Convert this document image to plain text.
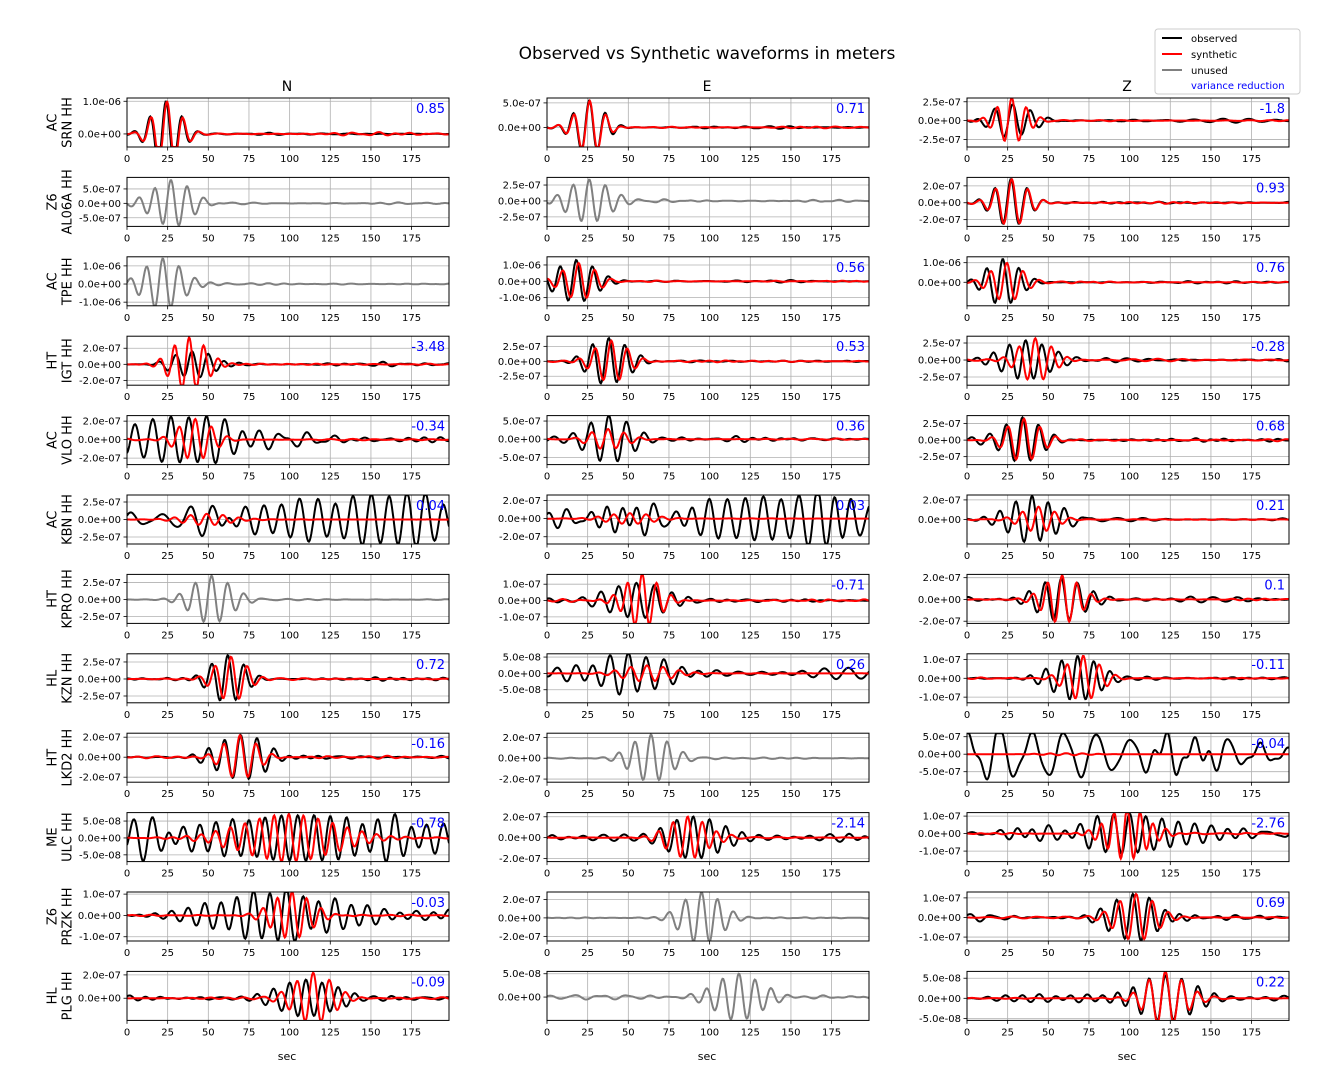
Observed vs Synthetic waveforms in meters
N	E	Z
ACSRN HH
0	25	50	75 100 125 150 175
1.0e-06
0.0e+00
0.85
0	25	50	75 100 125 150 175
5.0e-07
0.0e+00
0.71
0	25	50	75 100 125 150 175
2.5e-07
0.0e+00
-2.5e-07
-1.8
Z6AL06A HH
0	25	50	75 100 125 150 175
5.0e-07
0.0e+00
-5.0e-07
0	25	50	75 100 125 150 175
2.5e-07
0.0e+00
-2.5e-07
0	25	50	75 100 125 150 175
2.0e-07
0.0e+00
-2.0e-07
0.93
ACTPE HH
0	25	50	75 100 125 150 175
1.0e-06
0.0e+00
-1.0e-06
0	25	50	75 100 125 150 175
1.0e-06
0.0e+00
-1.0e-06
0.56
0	25	50	75 100 125 150 175
1.0e-06
0.0e+00
0.76
HTIGT HH
0	25	50	75 100 125 150 175
2.0e-07
0.0e+00
-2.0e-07
-3.48
0	25	50	75 100 125 150 175
2.5e-07
0.0e+00
-2.5e-07
0.53
0	25	50	75 100 125 150 175
2.5e-07
0.0e+00
-2.5e-07
-0.28
ACVLO HH
0	25	50	75 100 125 150 175
2.0e-07
0.0e+00
-2.0e-07
-0.34
0	25	50	75 100 125 150 175
5.0e-07
0.0e+00
-5.0e-07
0.36
0	25	50	75 100 125 150 175
2.5e-07
0.0e+00
-2.5e-07
0.68
ACKBN HH
0	25	50	75 100 125 150 175
2.5e-07
0.0e+00
-2.5e-07
0.04
0	25	50	75 100 125 150 175
2.0e-07
0.0e+00
-2.0e-07
0.03
0	25	50	75 100 125 150 175
2.0e-07
0.0e+00
0.21
HTKPRO HH
0	25	50	75 100 125 150 175
2.5e-07
0.0e+00
-2.5e-07
0	25	50	75 100 125 150 175
1.0e-07
0.0e+00
-1.0e-07
-0.71
0	25	50	75 100 125 150 175
2.0e-07
0.0e+00
-2.0e-07
0.1
HLKZN HH
0	25	50	75 100 125 150 175
2.5e-07
0.0e+00
-2.5e-07
0.72
0	25	50	75 100 125 150 175
5.0e-08
0.0e+00
-5.0e-08
0.26
0	25	50	75 100 125 150 175
1.0e-07
0.0e+00
-1.0e-07
-0.11
HTLKD2 HH
0	25	50	75 100 125 150 175
2.0e-07
0.0e+00
-2.0e-07
-0.16
0	25	50	75 100 125 150 175
2.0e-07
0.0e+00
-2.0e-07
0	25	50	75 100 125 150 175
5.0e-07
0.0e+00
-5.0e-07
-0.04
MEULC HH
0	25	50	75 100 125 150 175
5.0e-08
0.0e+00
-5.0e-08
-0.78
0	25	50	75 100 125 150 175
2.0e-07
0.0e+00
-2.0e-07
-2.14
0	25	50	75 100 125 150 175
1.0e-07
0.0e+00
-1.0e-07
-2.76
Z6PRZK HH
0	25	50	75 100 125 150 175
1.0e-07
0.0e+00
-1.0e-07
-0.03
0	25	50	75 100 125 150 175
2.0e-07
0.0e+00
-2.0e-07
0	25	50	75 100 125 150 175
1.0e-07
0.0e+00
-1.0e-07
0.69
HLPLG HH
0	25	50	75 100 125 150 175
2.0e-07
0.0e+00
-0.09
0	25	50	75 100 125 150 175
5.0e-08
0.0e+00
0	25	50	75 100 125 150 175
5.0e-08
0.0e+00
-5.0e-08
0.22
sec	sec	sec
observed
synthetic
unused
variance reduction
